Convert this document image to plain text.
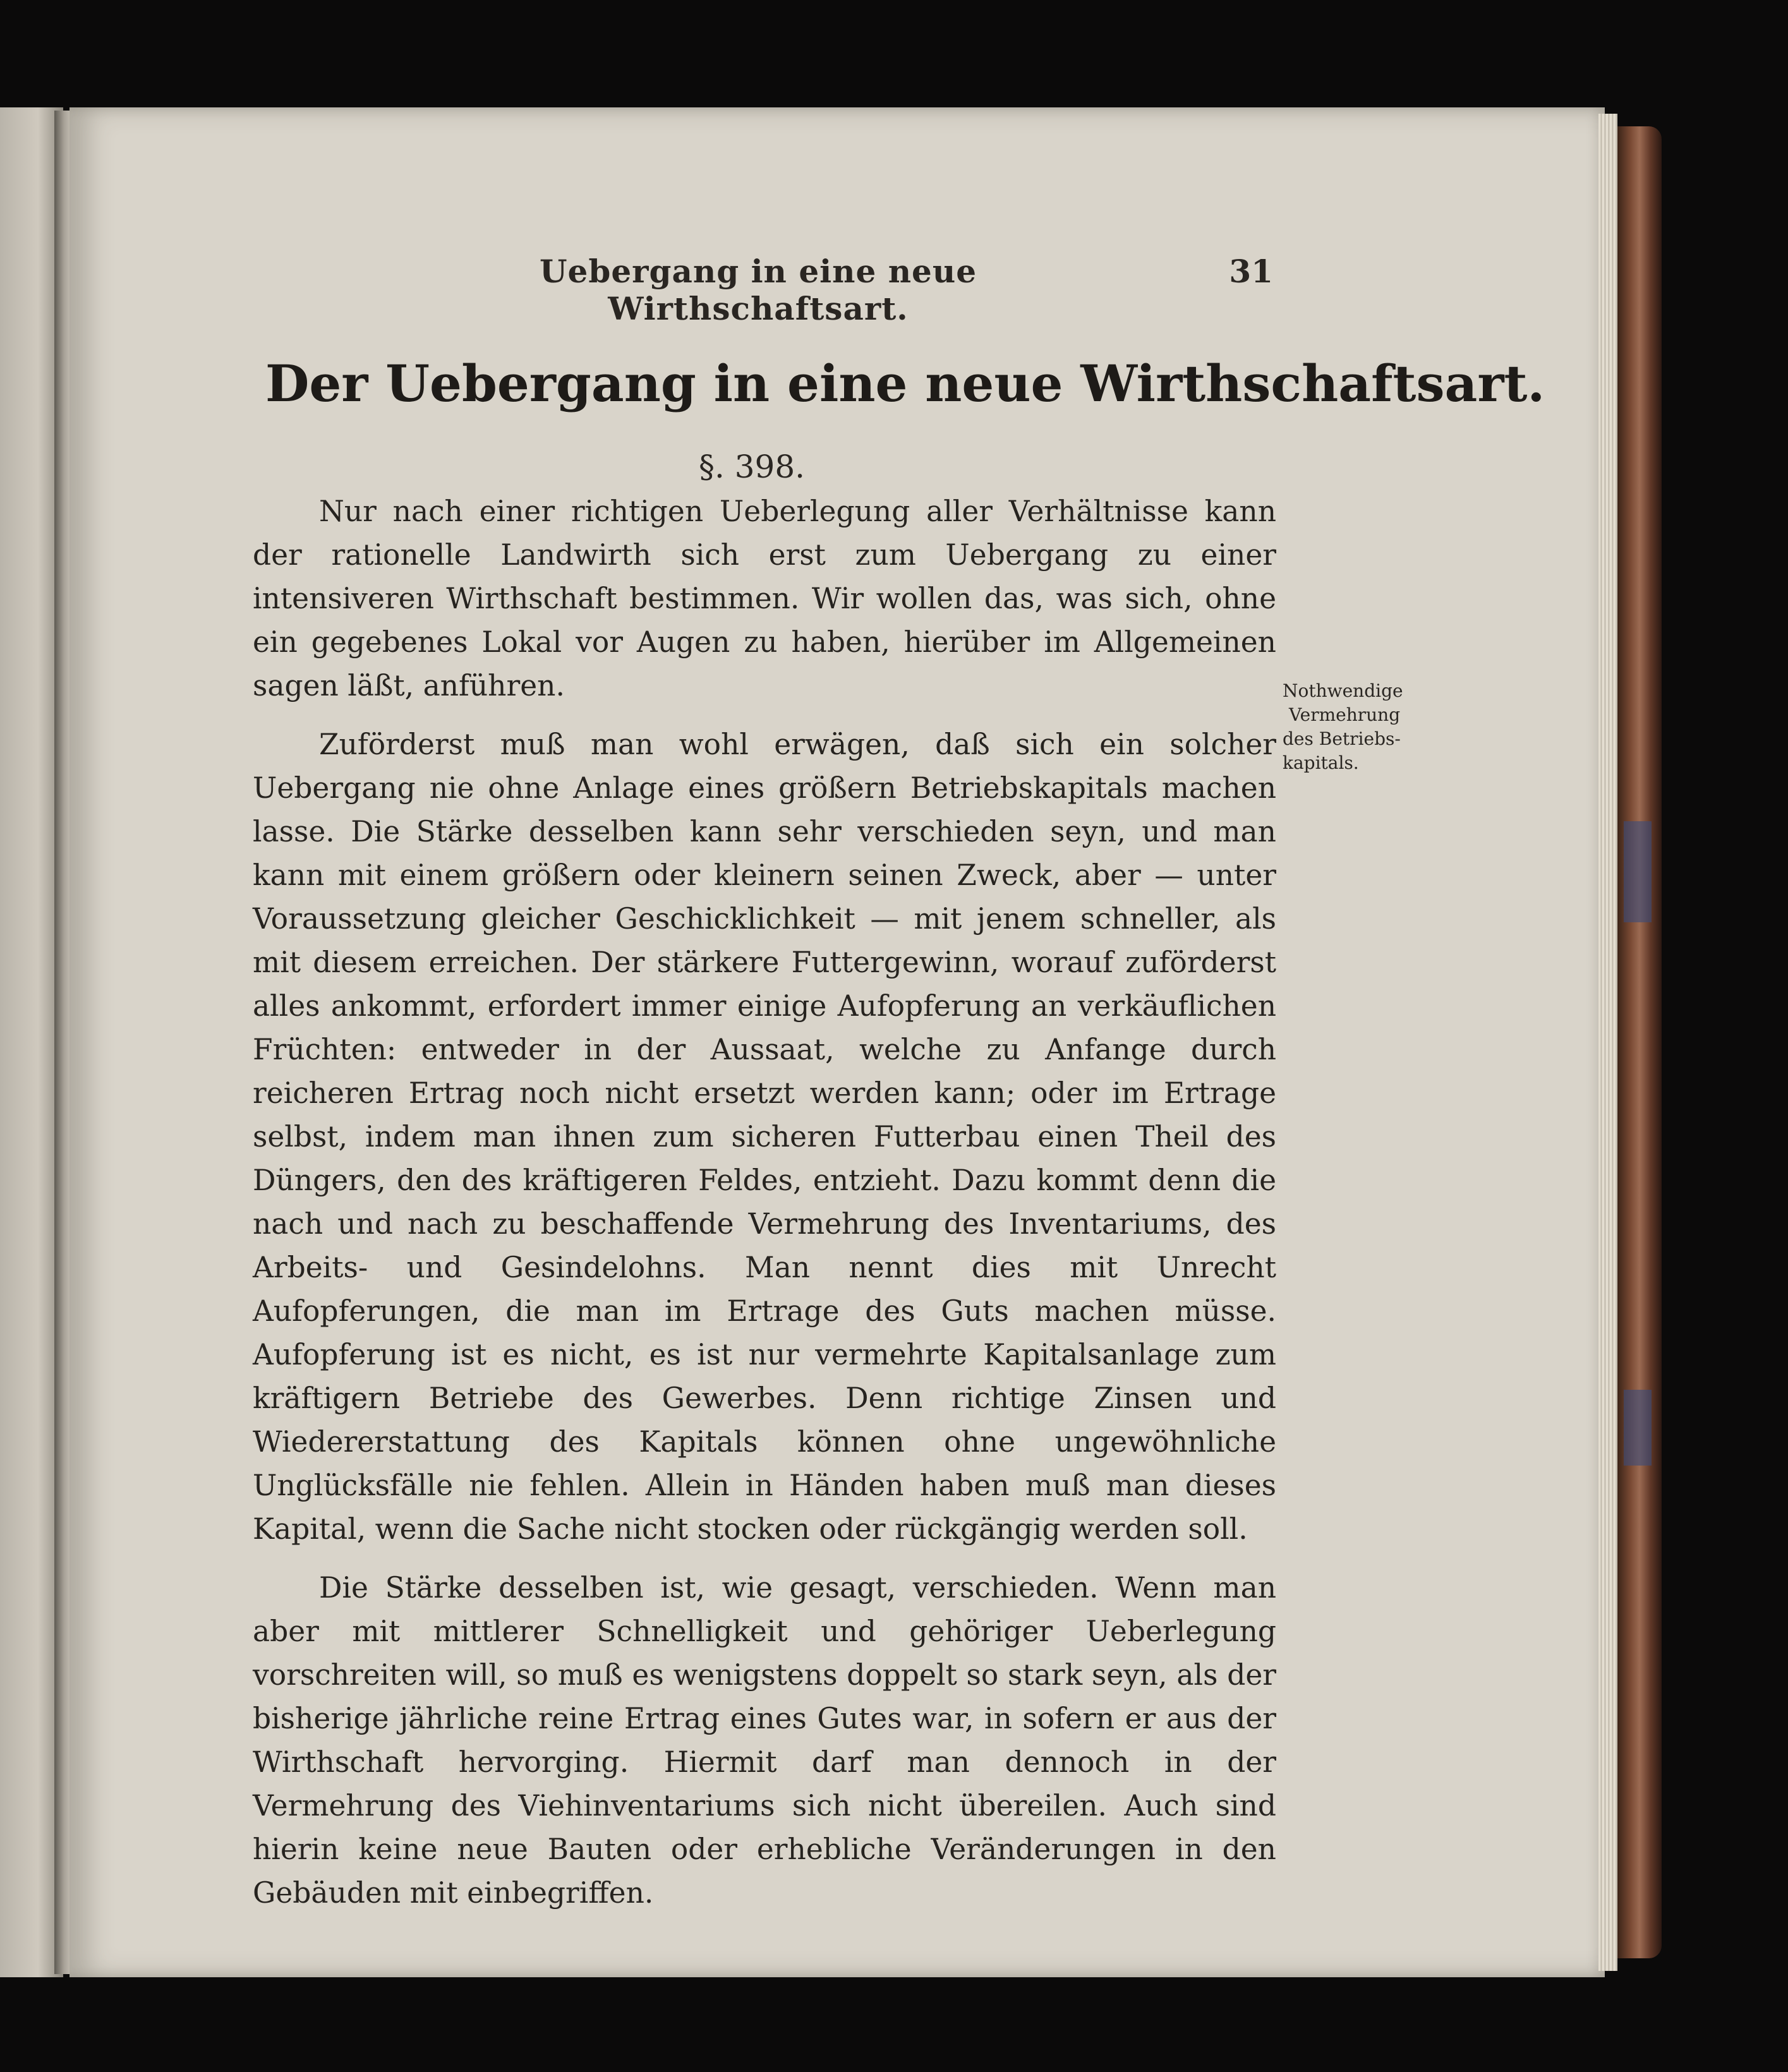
Uebergang in eine neue Wirthschaftsart.
31
Der Uebergang in eine neue Wirthschaftsart.
§. 398.

Nur nach einer richtigen Ueberlegung aller Verhältnisse kann der rationelle Landwirth sich erst zum Uebergang zu einer intensiveren Wirthschaft bestimmen. Wir wollen das, was sich, ohne ein gegebenes Lokal vor Augen zu haben, hierüber im Allgemeinen sagen läßt, anführen.

Zuförderst muß man wohl erwägen, daß sich ein solcher Uebergang nie ohne Anlage eines größern Betriebskapitals machen lasse. Die Stärke desselben kann sehr verschieden seyn, und man kann mit einem größern oder kleinern seinen Zweck, aber — unter Voraussetzung gleicher Geschicklichkeit — mit jenem schneller, als mit diesem erreichen. Der stärkere Futtergewinn, worauf zuförderst alles ankommt, erfordert immer einige Aufopferung an verkäuflichen Früchten: entweder in der Aussaat, welche zu Anfange durch reicheren Ertrag noch nicht ersetzt werden kann; oder im Ertrage selbst, indem man ihnen zum sicheren Futterbau einen Theil des Düngers, den des kräftigeren Feldes, entzieht. Dazu kommt denn die nach und nach zu beschaffende Vermehrung des Inventariums, des Arbeits- und Gesindelohns. Man nennt dies mit Unrecht Aufopferungen, die man im Ertrage des Guts machen müsse. Aufopferung ist es nicht, es ist nur vermehrte Kapitalsanlage zum kräftigern Betriebe des Gewerbes. Denn richtige Zinsen und Wiedererstattung des Kapitals können ohne ungewöhnliche Unglücksfälle nie fehlen. Allein in Händen haben muß man dieses Kapital, wenn die Sache nicht stocken oder rückgängig werden soll.

Die Stärke desselben ist, wie gesagt, verschieden. Wenn man aber mit mittlerer Schnelligkeit und gehöriger Ueberlegung vorschreiten will, so muß es wenigstens doppelt so stark seyn, als der bisherige jährliche reine Ertrag eines Gutes war, in sofern er aus der Wirthschaft hervorging. Hiermit darf man dennoch in der Vermehrung des Viehinventariums sich nicht übereilen. Auch sind hierin keine neue Bauten oder erhebliche Veränderungen in den Gebäuden mit einbegriffen.

Nothwendige
Vermehrung
des Betriebs-
kapitals.
